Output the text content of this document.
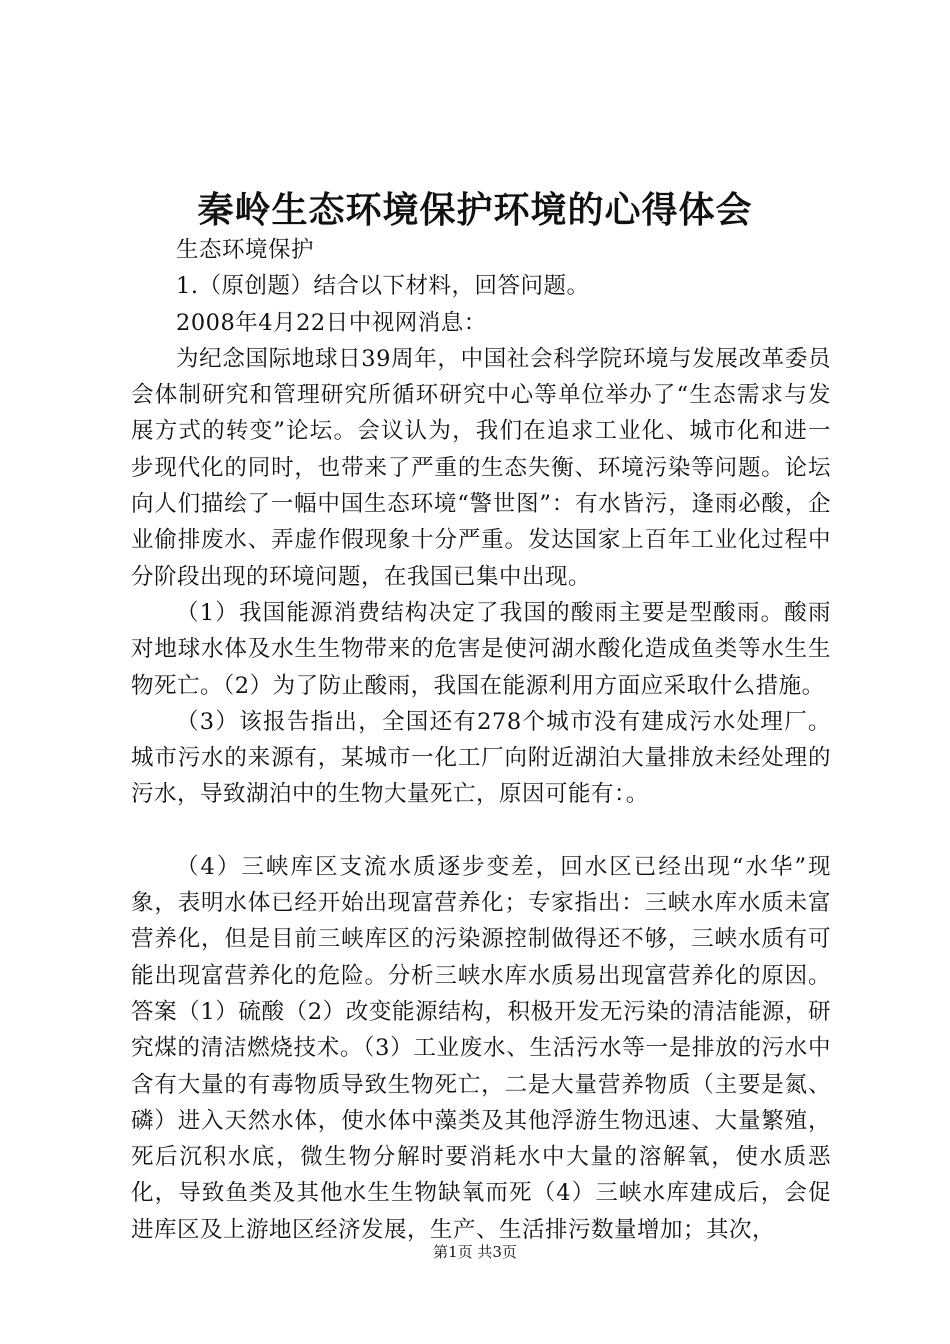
秦岭生态环境保护环境的心得体会

生态环境保护

1.（原创题）结合以下材料，回答问题。

2008年4月22日中视网消息：

为纪念国际地球日39周年，中国社会科学院环境与发展改革委员会体制研究和管理研究所循环研究中心等单位举办了“生态需求与发展方式的转变”论坛。会议认为，我们在追求工业化、城市化和进一步现代化的同时，也带来了严重的生态失衡、环境污染等问题。论坛向人们描绘了一幅中国生态环境“警世图”：有水皆污，逢雨必酸，企业偷排废水、弄虚作假现象十分严重。发达国家上百年工业化过程中分阶段出现的环境问题，在我国已集中出现。

（1）我国能源消费结构决定了我国的酸雨主要是型酸雨。酸雨对地球水体及水生生物带来的危害是使河湖水酸化造成鱼类等水生生物死亡。（2）为了防止酸雨，我国在能源利用方面应采取什么措施。

（3）该报告指出，全国还有278个城市没有建成污水处理厂。城市污水的来源有，某城市一化工厂向附近湖泊大量排放未经处理的污水，导致湖泊中的生物大量死亡，原因可能有：。

（4）三峡库区支流水质逐步变差，回水区已经出现“水华”现象，表明水体已经开始出现富营养化；专家指出：三峡水库水质未富营养化，但是目前三峡库区的污染源控制做得还不够，三峡水质有可能出现富营养化的危险。分析三峡水库水质易出现富营养化的原因。答案（1）硫酸（2）改变能源结构，积极开发无污染的清洁能源，研究煤的清洁燃烧技术。（3）工业废水、生活污水等一是排放的污水中含有大量的有毒物质导致生物死亡，二是大量营养物质（主要是氮、磷）进入天然水体，使水体中藻类及其他浮游生物迅速、大量繁殖，死后沉积水底，微生物分解时要消耗水中大量的溶解氧，使水质恶化，导致鱼类及其他水生生物缺氧而死（4）三峡水库建成后，会促进库区及上游地区经济发展，生产、生活排污数量增加；其次，

第1页 共3页
